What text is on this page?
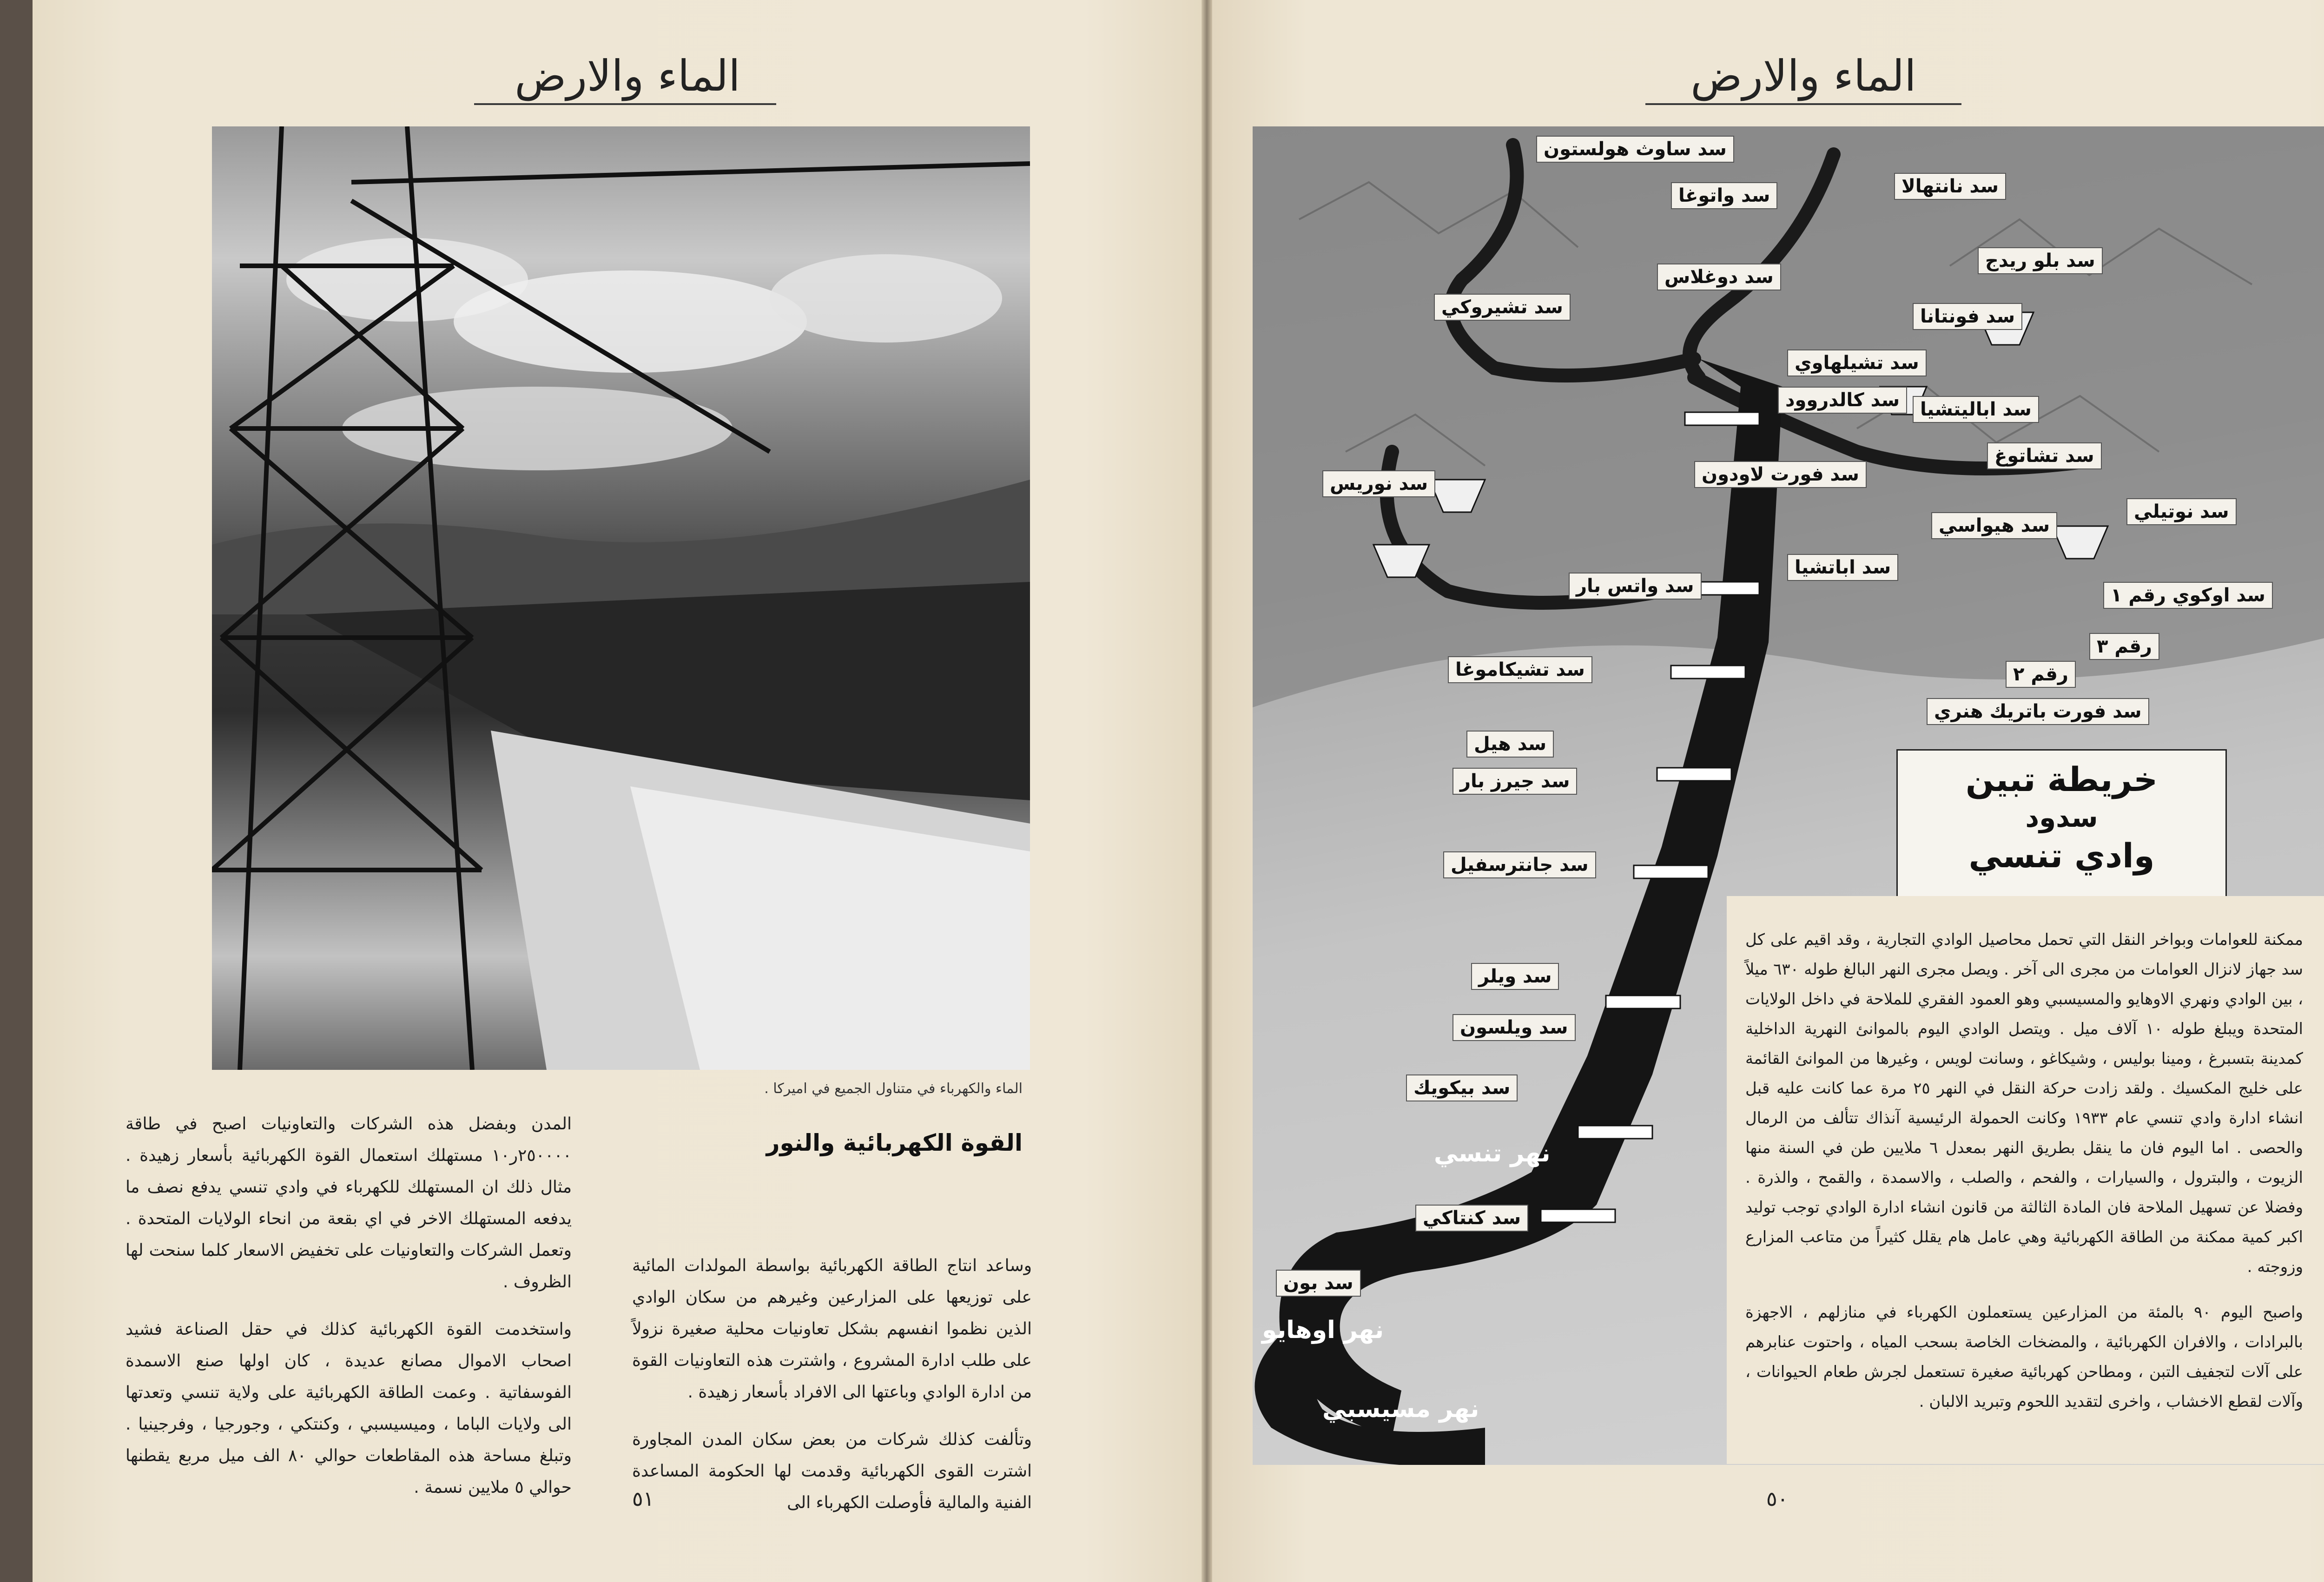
الماء والارض
الماء والكهرباء في متناول الجميع في اميركا .
القوة الكهربائية والنور

وساعد انتاج الطاقة الكهربائية بواسطة المولدات المائية على توزيعها على المزارعين وغيرهم من سكان الوادي الذين نظموا انفسهم بشكل تعاونيات محلية صغيرة نزولاً على طلب ادارة المشروع ، واشترت هذه التعاونيات القوة من ادارة الوادي وباعتها الى الافراد بأسعار زهيدة .

وتألفت كذلك شركات من بعض سكان المدن المجاورة اشترت القوى الكهربائية وقدمت لها الحكومة المساعدة الفنية والمالية فأوصلت الكهرباء الى

المدن وبفضل هذه الشركات والتعاونيات اصبح في طاقة ٢٥٠٠٠٠ر١٠ مستهلك استعمال القوة الكهربائية بأسعار زهيدة . مثال ذلك ان المستهلك للكهرباء في وادي تنسي يدفع نصف ما يدفعه المستهلك الاخر في اي بقعة من انحاء الولايات المتحدة . وتعمل الشركات والتعاونيات على تخفيض الاسعار كلما سنحت لها الظروف .

واستخدمت القوة الكهربائية كذلك في حقل الصناعة فشيد اصحاب الاموال مصانع عديدة ، كان اولها صنع الاسمدة الفوسفاتية . وعمت الطاقة الكهربائية على ولاية تنسي وتعدتها الى ولايات الباما ، وميسيسبي ، وكنتكي ، وجورجيا ، وفرجينيا . وتبلغ مساحة هذه المقاطعات حوالي ٨٠ الف ميل مربع يقطنها حوالي ٥ ملايين نسمة .	٥١
الماء والارض
سد ساوث هولستون
سد واتوغا	سد نانتهالا
سد دوغلاس
سد بلو ريدج
سد تشيروكي	سد فونتانا
سد تشيلهاوي
سد كالدروود	سد اباليتشيا
سد تشاتوغ
سد فورت لاودون
سد نوريس
سد نوتيلي
سد هيواسي
سد اباتشيا
سد واتس بار	سد اوكوي رقم ١
رقم ٣
رقم ٢
سد فورت باتريك هنري
سد تشيكاموغا
سد هيل
سد جيرز بار
سد جانترسفيل
سد ويلر
سد ويلسون
سد بيكويك
سد كنتاكي
سد بون
نهر تنسي
نهر اوهايو
نهر مسيسبي
خريطة تبين
سدود
وادي تنسي

ممكنة للعوامات وبواخر النقل التي تحمل محاصيل الوادي التجارية ، وقد اقيم على كل سد جهاز لانزال العوامات من مجرى الى آخر . ويصل مجرى النهر البالغ طوله ٦٣٠ ميلاً ، بين الوادي ونهري الاوهايو والمسيسبي وهو العمود الفقري للملاحة في داخل الولايات المتحدة ويبلغ طوله ١٠ آلاف ميل . ويتصل الوادي اليوم بالموانئ النهرية الداخلية كمدينة بتسبرغ ، ومينا بوليس ، وشيكاغو ، وسانت لويس ، وغيرها من الموانئ القائمة على خليج المكسيك . ولقد زادت حركة النقل في النهر ٢٥ مرة عما كانت عليه قبل انشاء ادارة وادي تنسي عام ١٩٣٣ وكانت الحمولة الرئيسية آنذاك تتألف من الرمال والحصى . اما اليوم فان ما ينقل بطريق النهر بمعدل ٦ ملايين طن في السنة منها الزيوت ، والبترول ، والسيارات ، والفحم ، والصلب ، والاسمدة ، والقمح ، والذرة . وفضلا عن تسهيل الملاحة فان المادة الثالثة من قانون انشاء ادارة الوادي توجب توليد اكبر كمية ممكنة من الطاقة الكهربائية وهي عامل هام يقلل كثيراً من متاعب المزارع وزوجته .

واصبح اليوم ٩٠ بالمئة من المزارعين يستعملون الكهرباء في منازلهم ، الاجهزة بالبرادات ، والافران الكهربائية ، والمضخات الخاصة بسحب المياه ، واحتوت عنابرهم على آلات لتجفيف التبن ، ومطاحن كهربائية صغيرة تستعمل لجرش طعام الحيوانات ، وآلات لقطع الاخشاب ، واخرى لتقديد اللحوم وتبريد الالبان .

٥٠
